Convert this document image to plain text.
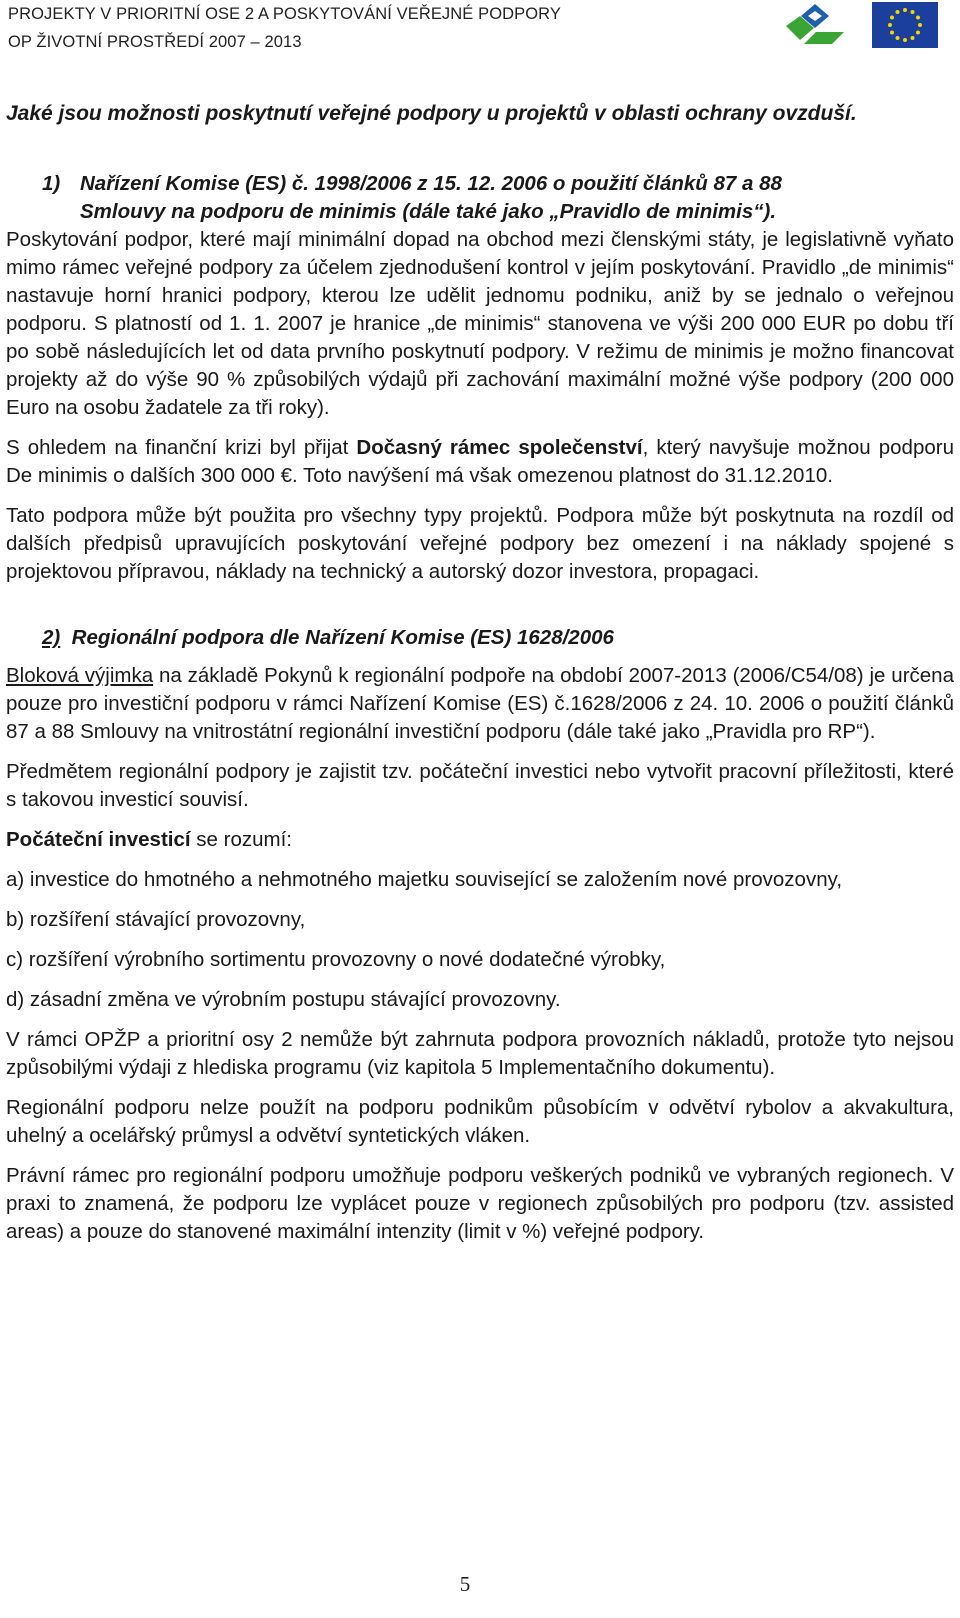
PROJEKTY V PRIORITNÍ OSE 2 A POSKYTOVÁNÍ VEŘEJNÉ PODPORY
OP ŽIVOTNÍ PROSTŘEDÍ 2007 – 2013

Jaké jsou možnosti poskytnutí veřejné podpory u projektů v oblasti ochrany ovzduší.

1) Nařízení Komise (ES) č. 1998/2006 z 15. 12. 2006 o použití článků 87 a 88
Smlouvy na podporu de minimis (dále také jako „Pravidlo de minimis“).

Poskytování podpor, které mají minimální dopad na obchod mezi členskými státy, je legislativně vyňato mimo rámec veřejné podpory za účelem zjednodušení kontrol v jejím poskytování. Pravidlo „de minimis“ nastavuje horní hranici podpory, kterou lze udělit jednomu podniku, aniž by se jednalo o veřejnou podporu. S platností od 1. 1. 2007 je hranice „de minimis“ stanovena ve výši 200 000 EUR po dobu tří po sobě následujících let od data prvního poskytnutí podpory. V režimu de minimis je možno financovat projekty až do výše 90 % způsobilých výdajů při zachování maximální možné výše podpory (200 000 Euro na osobu žadatele za tři roky).

S ohledem na finanční krizi byl přijat Dočasný rámec společenství, který navyšuje možnou podporu De minimis o dalších 300 000 €. Toto navýšení má však omezenou platnost do 31.12.2010.

Tato podpora může být použita pro všechny typy projektů. Podpora může být poskytnuta na rozdíl od dalších předpisů upravujících poskytování veřejné podpory bez omezení i na náklady spojené s projektovou přípravou, náklady na technický a autorský dozor investora, propagaci.

2) Regionální podpora dle Nařízení Komise (ES) 1628/2006

Bloková výjimka na základě Pokynů k regionální podpoře na období 2007-2013 (2006/C54/08) je určena pouze pro investiční podporu v rámci Nařízení Komise (ES) č.1628/2006 z 24. 10. 2006 o použití článků 87 a 88 Smlouvy na vnitrostátní regionální investiční podporu (dále také jako „Pravidla pro RP“).

Předmětem regionální podpory je zajistit tzv. počáteční investici nebo vytvořit pracovní příležitosti, které s takovou investicí souvisí.

Počáteční investicí se rozumí:

a) investice do hmotného a nehmotného majetku související se založením nové provozovny,

b) rozšíření stávající provozovny,

c) rozšíření výrobního sortimentu provozovny o nové dodatečné výrobky,

d) zásadní změna ve výrobním postupu stávající provozovny.

V rámci OPŽP a prioritní osy 2 nemůže být zahrnuta podpora provozních nákladů, protože tyto nejsou způsobilými výdaji z hlediska programu (viz kapitola 5 Implementačního dokumentu).

Regionální podporu nelze použít na podporu podnikům působícím v odvětví rybolov a akvakultura, uhelný a ocelářský průmysl a odvětví syntetických vláken.

Právní rámec pro regionální podporu umožňuje podporu veškerých podniků ve vybraných regionech. V praxi to znamená, že podporu lze vyplácet pouze v regionech způsobilých pro podporu (tzv. assisted areas) a pouze do stanovené maximální intenzity (limit v %) veřejné podpory.

5
